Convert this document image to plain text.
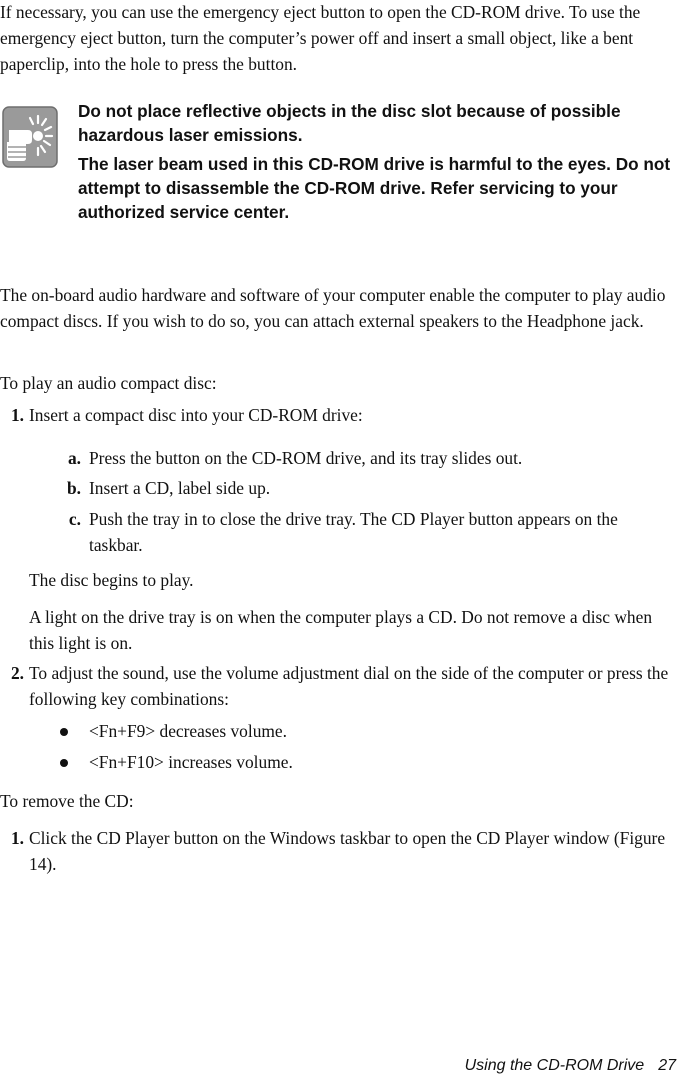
If necessary, you can use the emergency eject button to open the CD-ROM drive. To use the emergency eject button, turn the computer’s power off and insert a small object, like a bent paperclip, into the hole to press the button.

Do not place reflective objects in the disc slot because of possible hazardous laser emissions.

The laser beam used in this CD-ROM drive is harmful to the eyes. Do not attempt to disassemble the CD-ROM drive. Refer servicing to your authorized service center.

The on-board audio hardware and software of your computer enable the computer to play audio compact discs. If you wish to do so, you can attach external speakers to the Headphone jack.

To play an audio compact disc:

1. Insert a compact disc into your CD-ROM drive:
a. Press the button on the CD-ROM drive, and its tray slides out.
b. Insert a CD, label side up.
c. Push the tray in to close the drive tray. The CD Player button appears on the taskbar.

The disc begins to play.

A light on the drive tray is on when the computer plays a CD. Do not remove a disc when this light is on.

2. To adjust the sound, use the volume adjustment dial on the side of the computer or press the following key combinations:
<Fn+F9> decreases volume.
<Fn+F10> increases volume.

To remove the CD:

1. Click the CD Player button on the Windows taskbar to open the CD Player window (Figure 14).
Using the CD-ROM Drive 27
